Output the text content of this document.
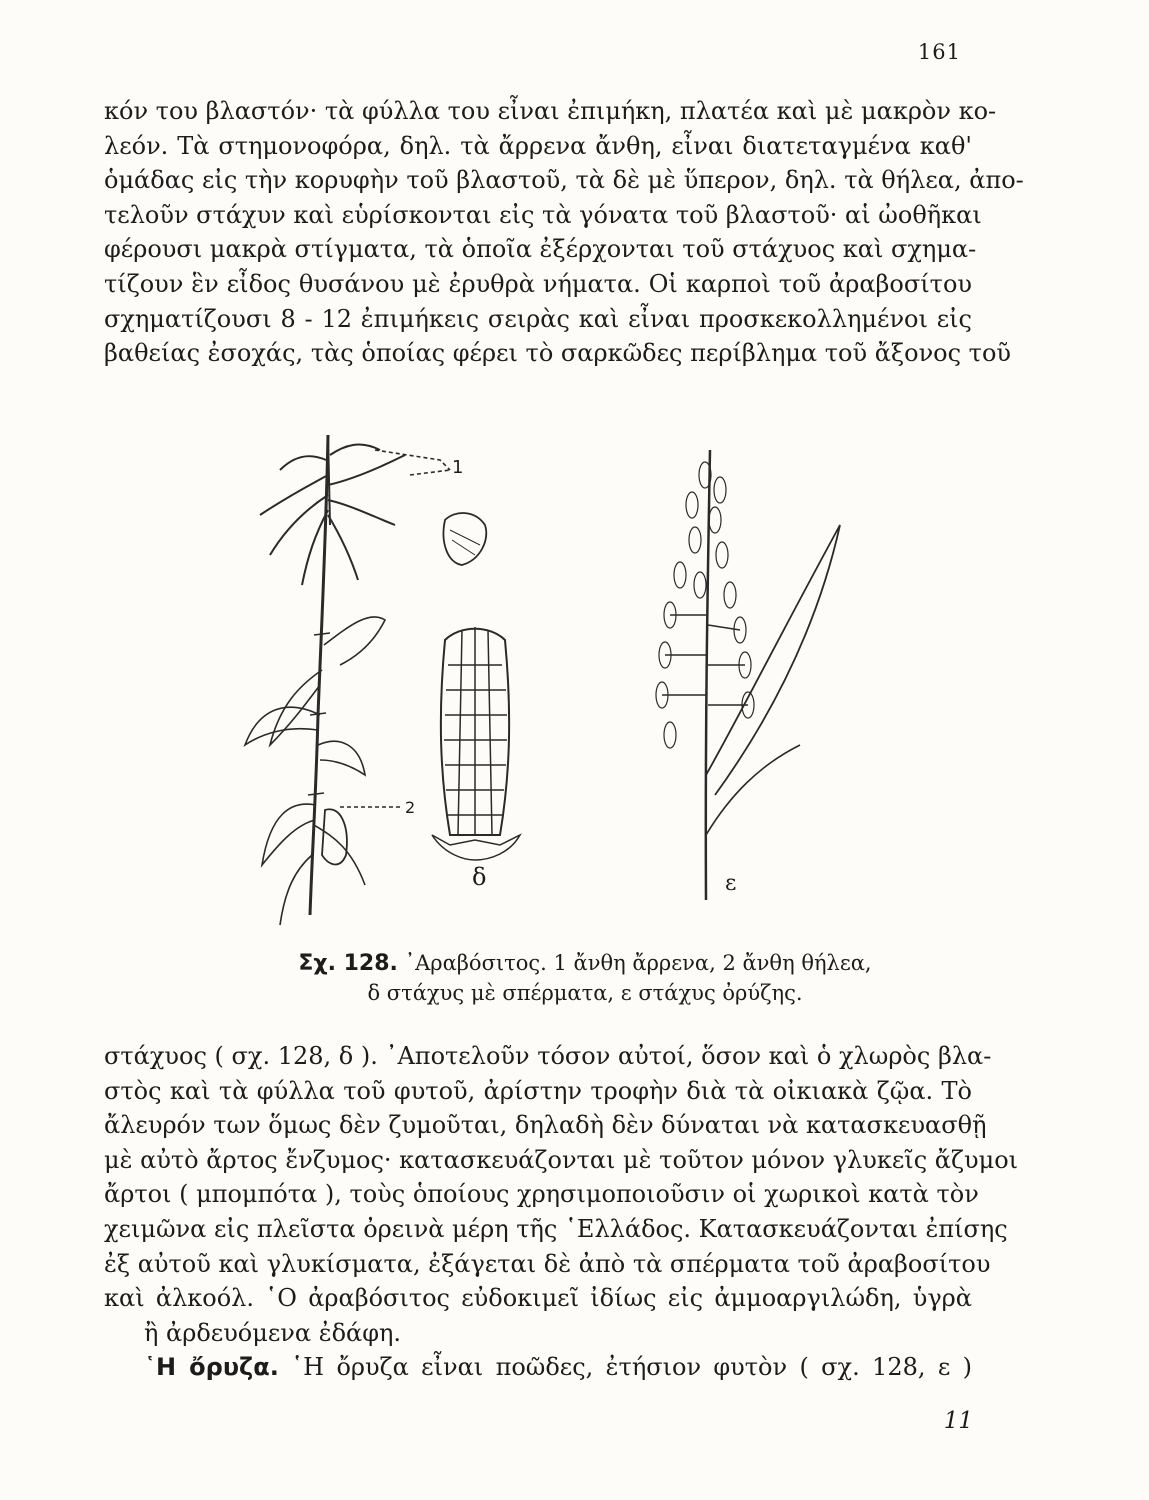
161
κόν του βλαστόν· τὰ φύλλα του εἶναι ἐπιμήκη, πλατέα καὶ μὲ μακρὸν κο-
λεόν. Τὰ στημονοφόρα, δηλ. τὰ ἄρρενα ἄνθη, εἶναι διατεταγμένα καθ'
ὁμάδας εἰς τὴν κορυφὴν τοῦ βλαστοῦ, τὰ δὲ μὲ ὕπερον, δηλ. τὰ θήλεα, ἀπο-
τελοῦν στάχυν καὶ εὑρίσκονται εἰς τὰ γόνατα τοῦ βλαστοῦ· αἱ ὠοθῆκαι
φέρουσι μακρὰ στίγματα, τὰ ὁποῖα ἐξέρχονται τοῦ στάχυος καὶ σχημα-
τίζουν ἓν εἶδος θυσάνου μὲ ἐρυθρὰ νήματα. Οἱ καρποὶ τοῦ ἀραβοσίτου
σχηματίζουσι 8 - 12 ἐπιμήκεις σειρὰς καὶ εἶναι προσκεκολλημένοι εἰς
βαθείας ἐσοχάς, τὰς ὁποίας φέρει τὸ σαρκῶδες περίβλημα τοῦ ἄξονος τοῦ
1
2
δ	ε
Σχ. 128. ᾿Αραβόσιτος. 1 ἄνθη ἄρρενα, 2 ἄνθη θήλεα,
δ στάχυς μὲ σπέρματα, ε στάχυς ὀρύζης.
στάχυος ( σχ. 128, δ ). ᾿Αποτελοῦν τόσον αὐτοί, ὅσον καὶ ὁ χλωρὸς βλα-
στὸς καὶ τὰ φύλλα τοῦ φυτοῦ, ἀρίστην τροφὴν διὰ τὰ οἰκιακὰ ζῷα. Τὸ
ἄλευρόν των ὅμως δὲν ζυμοῦται, δηλαδὴ δὲν δύναται νὰ κατασκευασθῇ
μὲ αὐτὸ ἄρτος ἔνζυμος· κατασκευάζονται μὲ τοῦτον μόνον γλυκεῖς ἄζυμοι
ἄρτοι ( μπομπότα ), τοὺς ὁποίους χρησιμοποιοῦσιν οἱ χωρικοὶ κατὰ τὸν
χειμῶνα εἰς πλεῖστα ὀρεινὰ μέρη τῆς ῾Ελλάδος. Κατασκευάζονται ἐπίσης
ἐξ αὐτοῦ καὶ γλυκίσματα, ἐξάγεται δὲ ἀπὸ τὰ σπέρματα τοῦ ἀραβοσίτου
καὶ ἀλκοόλ. ῾Ο ἀραβόσιτος εὐδοκιμεῖ ἰδίως εἰς ἀμμοαργιλώδη, ὑγρὰ
ἢ ἀρδευόμενα ἐδάφη.
῾Η ὄρυζα. ῾Η ὄρυζα εἶναι ποῶδες, ἐτήσιον φυτὸν ( σχ. 128, ε )
11
